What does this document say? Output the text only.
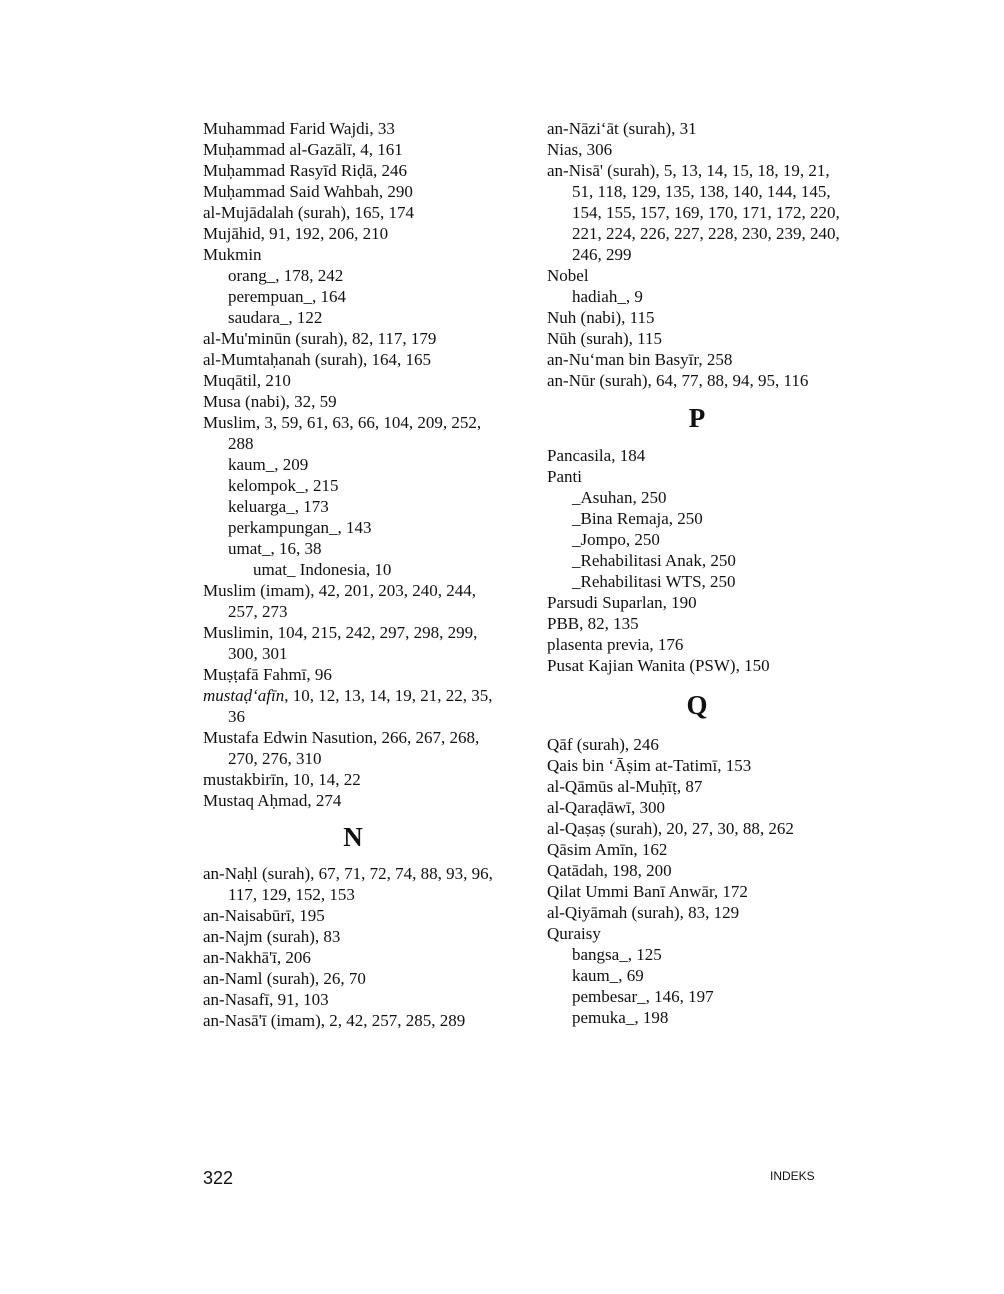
Muhammad Farid Wajdi, 33
Muḥammad al-Gazālī, 4, 161
Muḥammad Rasyīd Riḍā, 246
Muḥammad Said Wahbah, 290
al-Mujādalah (surah), 165, 174
Mujāhid, 91, 192, 206, 210
Mukmin
orang_, 178, 242
perempuan_, 164
saudara_, 122
al-Mu'minūn (surah), 82, 117, 179
al-Mumtaḥanah (surah), 164, 165
Muqātil, 210
Musa (nabi), 32, 59
Muslim, 3, 59, 61, 63, 66, 104, 209, 252, 288
kaum_, 209
kelompok_, 215
keluarga_, 173
perkampungan_, 143
umat_, 16, 38
umat_ Indonesia, 10
Muslim (imam), 42, 201, 203, 240, 244, 257, 273
Muslimin, 104, 215, 242, 297, 298, 299, 300, 301
Muṣṭafā Fahmī, 96
mustaḍ‘afīn, 10, 12, 13, 14, 19, 21, 22, 35, 36
Mustafa Edwin Nasution, 266, 267, 268, 270, 276, 310
mustakbirīn, 10, 14, 22
Mustaq Aḥmad, 274
N
an-Naḥl (surah), 67, 71, 72, 74, 88, 93, 96, 117, 129, 152, 153
an-Naisabūrī, 195
an-Najm (surah), 83
an-Nakhā'ī, 206
an-Naml (surah), 26, 70
an-Nasafī, 91, 103
an-Nasā'ī (imam), 2, 42, 257, 285, 289
an-Nāzi‘āt (surah), 31
Nias, 306
an-Nisā' (surah), 5, 13, 14, 15, 18, 19, 21, 51, 118, 129, 135, 138, 140, 144, 145, 154, 155, 157, 169, 170, 171, 172, 220, 221, 224, 226, 227, 228, 230, 239, 240, 246, 299
Nobel
hadiah_, 9
Nuh (nabi), 115
Nūh (surah), 115
an-Nu‘man bin Basyīr, 258
an-Nūr (surah), 64, 77, 88, 94, 95, 116
P
Pancasila, 184
Panti
_Asuhan, 250
_Bina Remaja, 250
_Jompo, 250
_Rehabilitasi Anak, 250
_Rehabilitasi WTS, 250
Parsudi Suparlan, 190
PBB, 82, 135
plasenta previa, 176
Pusat Kajian Wanita (PSW), 150
Q
Qāf (surah), 246
Qais bin ‘Āṣim at-Tatimī, 153
al-Qāmūs al-Muḥīṭ, 87
al-Qaraḍāwī, 300
al-Qaṣaṣ (surah), 20, 27, 30, 88, 262
Qāsim Amīn, 162
Qatādah, 198, 200
Qilat Ummi Banī Anwār, 172
al-Qiyāmah (surah), 83, 129
Quraisy
bangsa_, 125
kaum_, 69
pembesar_, 146, 197
pemuka_, 198
322	INDEKS
